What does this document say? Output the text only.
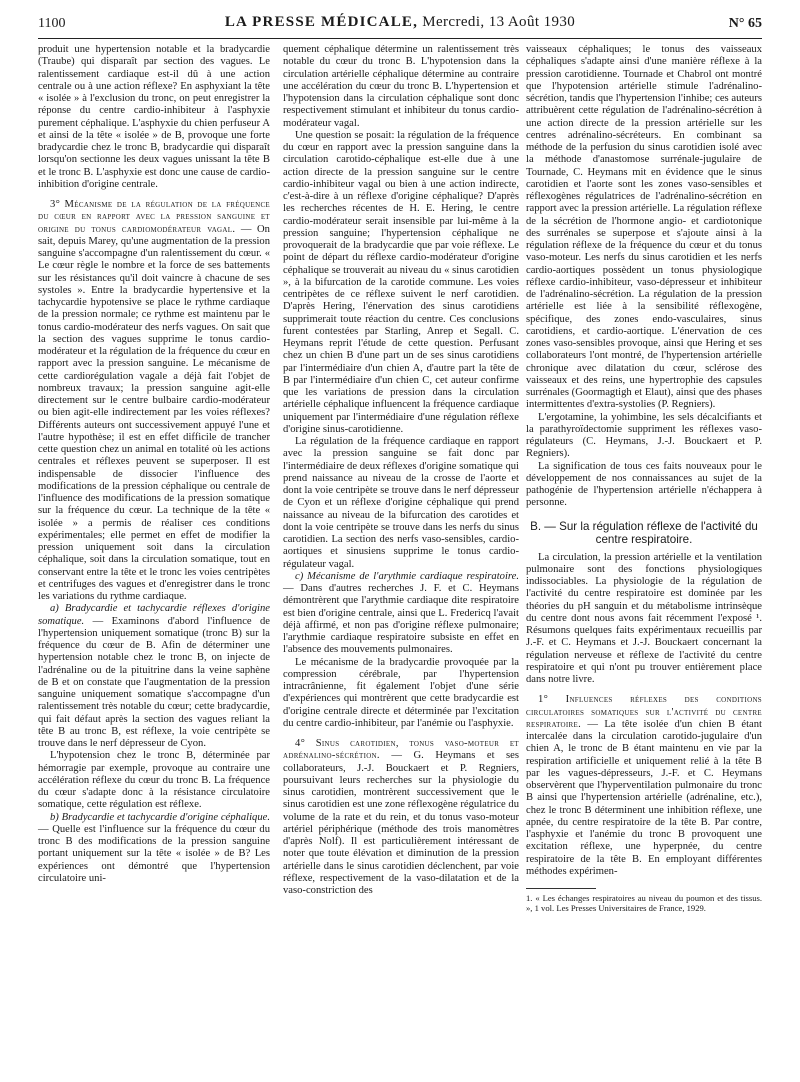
1100	LA PRESSE MÉDICALE, Mercredi, 13 Août 1930	N° 65

produit une hypertension notable et la bradycardie (Traube) qui disparaît par section des vagues. Le ralentissement cardiaque est-il dû à une action centrale ou à une action réflexe? En asphyxiant la tête « isolée » à l'exclusion du tronc, on peut enregistrer la réponse du centre cardio-inhibiteur à l'asphyxie purement céphalique. L'asphyxie du chien perfuseur A et ainsi de la tête « isolée » de B, provoque une forte bradycardie chez le tronc B, bradycardie qui disparaît lorsqu'on sectionne les deux vagues unissant la tête B et le tronc B. L'asphyxie est donc une cause de cardio-inhibition d'origine centrale.

3° Mécanisme de la régulation de la fréquence du cœur en rapport avec la pression sanguine et origine du tonus cardiomodérateur vagal. — On sait, depuis Marey, qu'une augmentation de la pression sanguine s'accompagne d'un ralentissement du cœur. « Le cœur règle le nombre et la force de ses battements sur les résistances qu'il doit vaincre à chacune de ses systoles ». Entre la bradycardie hypertensive et la tachycardie hypotensive se place le rythme cardiaque de la pression normale; ce rythme est maintenu par le tonus cardio-modérateur des nerfs vagues. On sait que la section des vagues supprime le tonus cardio-modérateur et la régulation de la fréquence du cœur en rapport avec la pression sanguine. Le mécanisme de cette cardiorégulation vagale a déjà fait l'objet de nombreux travaux; la pression sanguine agit-elle directement sur le centre bulbaire cardio-modérateur ou bien agit-elle indirectement par les voies réflexes? Différents auteurs ont successivement appuyé l'une et l'autre hypothèse; il est en effet difficile de trancher cette question chez un animal en totalité où les actions centrales et réflexes peuvent se superposer. Il est indispensable de dissocier l'influence des modifications de la pression céphalique ou centrale de l'influence des modifications de la pression somatique sur la fréquence du cœur. La technique de la tête « isolée » a permis de réaliser ces conditions expérimentales; elle permet en effet de modifier la pression uniquement soit dans la circulation céphalique, soit dans la circulation somatique, tout en conservant entre la tête et le tronc les voies centripètes et centrifuges des vagues et d'enregistrer dans le tronc les variations du rythme cardiaque.

a) Bradycardie et tachycardie réflexes d'origine somatique. — Examinons d'abord l'influence de l'hypertension uniquement somatique (tronc B) sur la fréquence du cœur de B. Afin de déterminer une hypertension notable chez le tronc B, on injecte de l'adrénaline ou de la pituitrine dans la veine saphène de B et on constate que l'augmentation de la pression sanguine uniquement somatique s'accompagne d'un ralentissement très notable du cœur; cette bradycardie, qui fait défaut après la section des vagues reliant la tête B au tronc B, est réflexe, la voie centripète se trouve dans le nerf dépresseur de Cyon.

L'hypotension chez le tronc B, déterminée par hémorragie par exemple, provoque au contraire une accélération réflexe du cœur du tronc B. La fréquence du cœur s'adapte donc à la résistance circulatoire somatique, cette régulation est réflexe.

b) Bradycardie et tachycardie d'origine céphalique. — Quelle est l'influence sur la fréquence du cœur du tronc B des modifications de la pression sanguine portant uniquement sur la tête « isolée » de B? Les expériences ont démontré que l'hypertension circulatoire uni-

quement céphalique détermine un ralentissement très notable du cœur du tronc B. L'hypotension dans la circulation artérielle céphalique détermine au contraire une accélération du cœur du tronc B. L'hypertension et l'hypotension dans la circulation céphalique sont donc respectivement stimulant et inhibiteur du tonus cardio-modérateur vagal.

Une question se posait: la régulation de la fréquence du cœur en rapport avec la pression sanguine dans la circulation carotido-céphalique est-elle due à une action directe de la pression sanguine sur le centre cardio-inhibiteur vagal ou bien à une action indirecte, c'est-à-dire à un réflexe d'origine céphalique? D'après les recherches récentes de H. E. Hering, le centre cardio-modérateur serait insensible par lui-même à la pression sanguine; l'hypertension céphalique ne provoquerait de la bradycardie que par voie réflexe. Le point de départ du réflexe cardio-modérateur d'origine céphalique se trouverait au niveau du « sinus carotidien », à la bifurcation de la carotide commune. Les voies centripètes de ce réflexe suivent le nerf carotidien. D'après Hering, l'énervation des sinus carotidiens supprimerait toute réaction du centre. Ces conclusions furent contestées par Starling, Anrep et Segall. C. Heymans reprit l'étude de cette question. Perfusant chez un chien B d'une part un de ses sinus carotidiens par l'intermédiaire d'un chien A, d'autre part la tête de B par l'intermédiaire d'un chien C, cet auteur confirme que les variations de pression dans la circulation artérielle céphalique influencent la fréquence cardiaque uniquement par l'intermédiaire d'une régulation réflexe d'origine sinus-carotidienne.

La régulation de la fréquence cardiaque en rapport avec la pression sanguine se fait donc par l'intermédiaire de deux réflexes d'origine somatique qui prend naissance au niveau de la crosse de l'aorte et dont la voie centripète se trouve dans le nerf dépresseur de Cyon et un réflexe d'origine céphalique qui prend naissance au niveau de la bifurcation des carotides et dont la voie centripète se trouve dans les nerfs du sinus carotidien. La section des nerfs vaso-sensibles, cardio-aortiques et sinusiens supprime le tonus cardio-régulateur vagal.

c) Mécanisme de l'arythmie cardiaque respiratoire. — Dans d'autres recherches J. F. et C. Heymans démontrèrent que l'arythmie cardiaque dite respiratoire est bien d'origine centrale, ainsi que L. Fredericq l'avait déjà affirmé, et non pas d'origine réflexe pulmonaire; l'arythmie cardiaque respiratoire subsiste en effet en l'absence des mouvements pulmonaires.

Le mécanisme de la bradycardie provoquée par la compression cérébrale, par l'hypertension intracrânienne, fit également l'objet d'une série d'expériences qui montrèrent que cette bradycardie est d'origine centrale directe et déterminée par l'excitation du centre cardio-inhibiteur, par l'anémie ou l'asphyxie.

4° Sinus carotidien, tonus vaso-moteur et adrénalino-sécrétion. — G. Heymans et ses collaborateurs, J.-J. Bouckaert et P. Regniers, poursuivant leurs recherches sur la physiologie du sinus carotidien, montrèrent successivement que le sinus carotidien est une zone réflexogène régulatrice du volume de la rate et du rein, et du tonus vaso-moteur artériel périphérique (méthode des trois manomètres d'après Nolf). Il est particulièrement intéressant de noter que toute élévation et diminution de la pression artérielle dans le sinus carotidien déclenchent, par voie réflexe, respectivement de la vaso-dilatation et de la vaso-constriction des

vaisseaux céphaliques; le tonus des vaisseaux céphaliques s'adapte ainsi d'une manière réflexe à la pression carotidienne. Tournade et Chabrol ont montré que l'hypotension artérielle stimule l'adrénalino-sécrétion, tandis que l'hypertension l'inhibe; ces auteurs attribuèrent cette régulation de l'adrénalino-sécrétion à une action directe de la pression artérielle sur les centres adrénalino-sécréteurs. En combinant sa méthode de la perfusion du sinus carotidien isolé avec la méthode d'anastomose surrénale-jugulaire de Tournade, C. Heymans mit en évidence que le sinus carotidien et l'aorte sont les zones vaso-sensibles et réflexogènes régulatrices de l'adrénalino-sécrétion en rapport avec la pression artérielle. La régulation réflexe de la sécrétion de l'hormone angio- et cardiotonique des surrénales se superpose et s'ajoute ainsi à la régulation réflexe de la fréquence du cœur et du tonus vaso-moteur. Les nerfs du sinus carotidien et les nerfs cardio-aortiques possèdent un tonus physiologique réflexe cardio-inhibiteur, vaso-dépresseur et inhibiteur de l'adrénalino-sécrétion. La régulation de la pression artérielle est liée à la sensibilité réflexogène, spécifique, des zones endo-vasculaires, sinus carotidiens, et cardio-aortique. L'énervation de ces zones vaso-sensibles provoque, ainsi que Hering et ses collaborateurs l'ont montré, de l'hypertension artérielle chronique avec dilatation du cœur, sclérose des vaisseaux et des reins, une hypertrophie des capsules surrénales (Goormagtigh et Elaut), ainsi que des phases intermittentes d'extra-systolies (P. Regniers).

L'ergotamine, la yohimbine, les sels décalcifiants et la parathyroïdectomie suppriment les réflexes vaso-régulateurs (C. Heymans, J.-J. Bouckaert et P. Regniers).

La signification de tous ces faits nouveaux pour le développement de nos connaissances au sujet de la pathogénie de l'hypertension artérielle n'échappera à personne.

B. — Sur la régulation réflexe de l'activité du centre respiratoire.

La circulation, la pression artérielle et la ventilation pulmonaire sont des fonctions physiologiques indissociables. La physiologie de la régulation de l'activité du centre respiratoire est dominée par les théories du pH sanguin et du métabolisme intrinsèque du centre dont nous avons fait récemment l'exposé ¹. Résumons quelques faits expérimentaux recueillis par J.-F. et C. Heymans et J.-J. Bouckaert concernant la régulation nerveuse et réflexe de l'activité du centre respiratoire et qui n'ont pu trouver entièrement place dans notre livre.

1° Influences réflexes des conditions circulatoires somatiques sur l'activité du centre respiratoire. — La tête isolée d'un chien B étant intercalée dans la circulation carotido-jugulaire d'un chien A, le tronc de B étant maintenu en vie par la respiration artificielle et uniquement relié à la tête B par les vagues-dépresseurs, J.-F. et C. Heymans observèrent que l'hyperventilation pulmonaire du tronc B ainsi que l'hypertension artérielle (adrénaline, etc.), chez le tronc B déterminent une inhibition réflexe, une apnée, du centre respiratoire de la tête B. Par contre, l'asphyxie et l'anémie du tronc B provoquent une excitation réflexe, une hyperpnée, du centre respiratoire de la tête B. En employant différentes méthodes expérimen-

1. « Les échanges respiratoires au niveau du poumon et des tissus. », 1 vol. Les Presses Universitaires de France, 1929.
